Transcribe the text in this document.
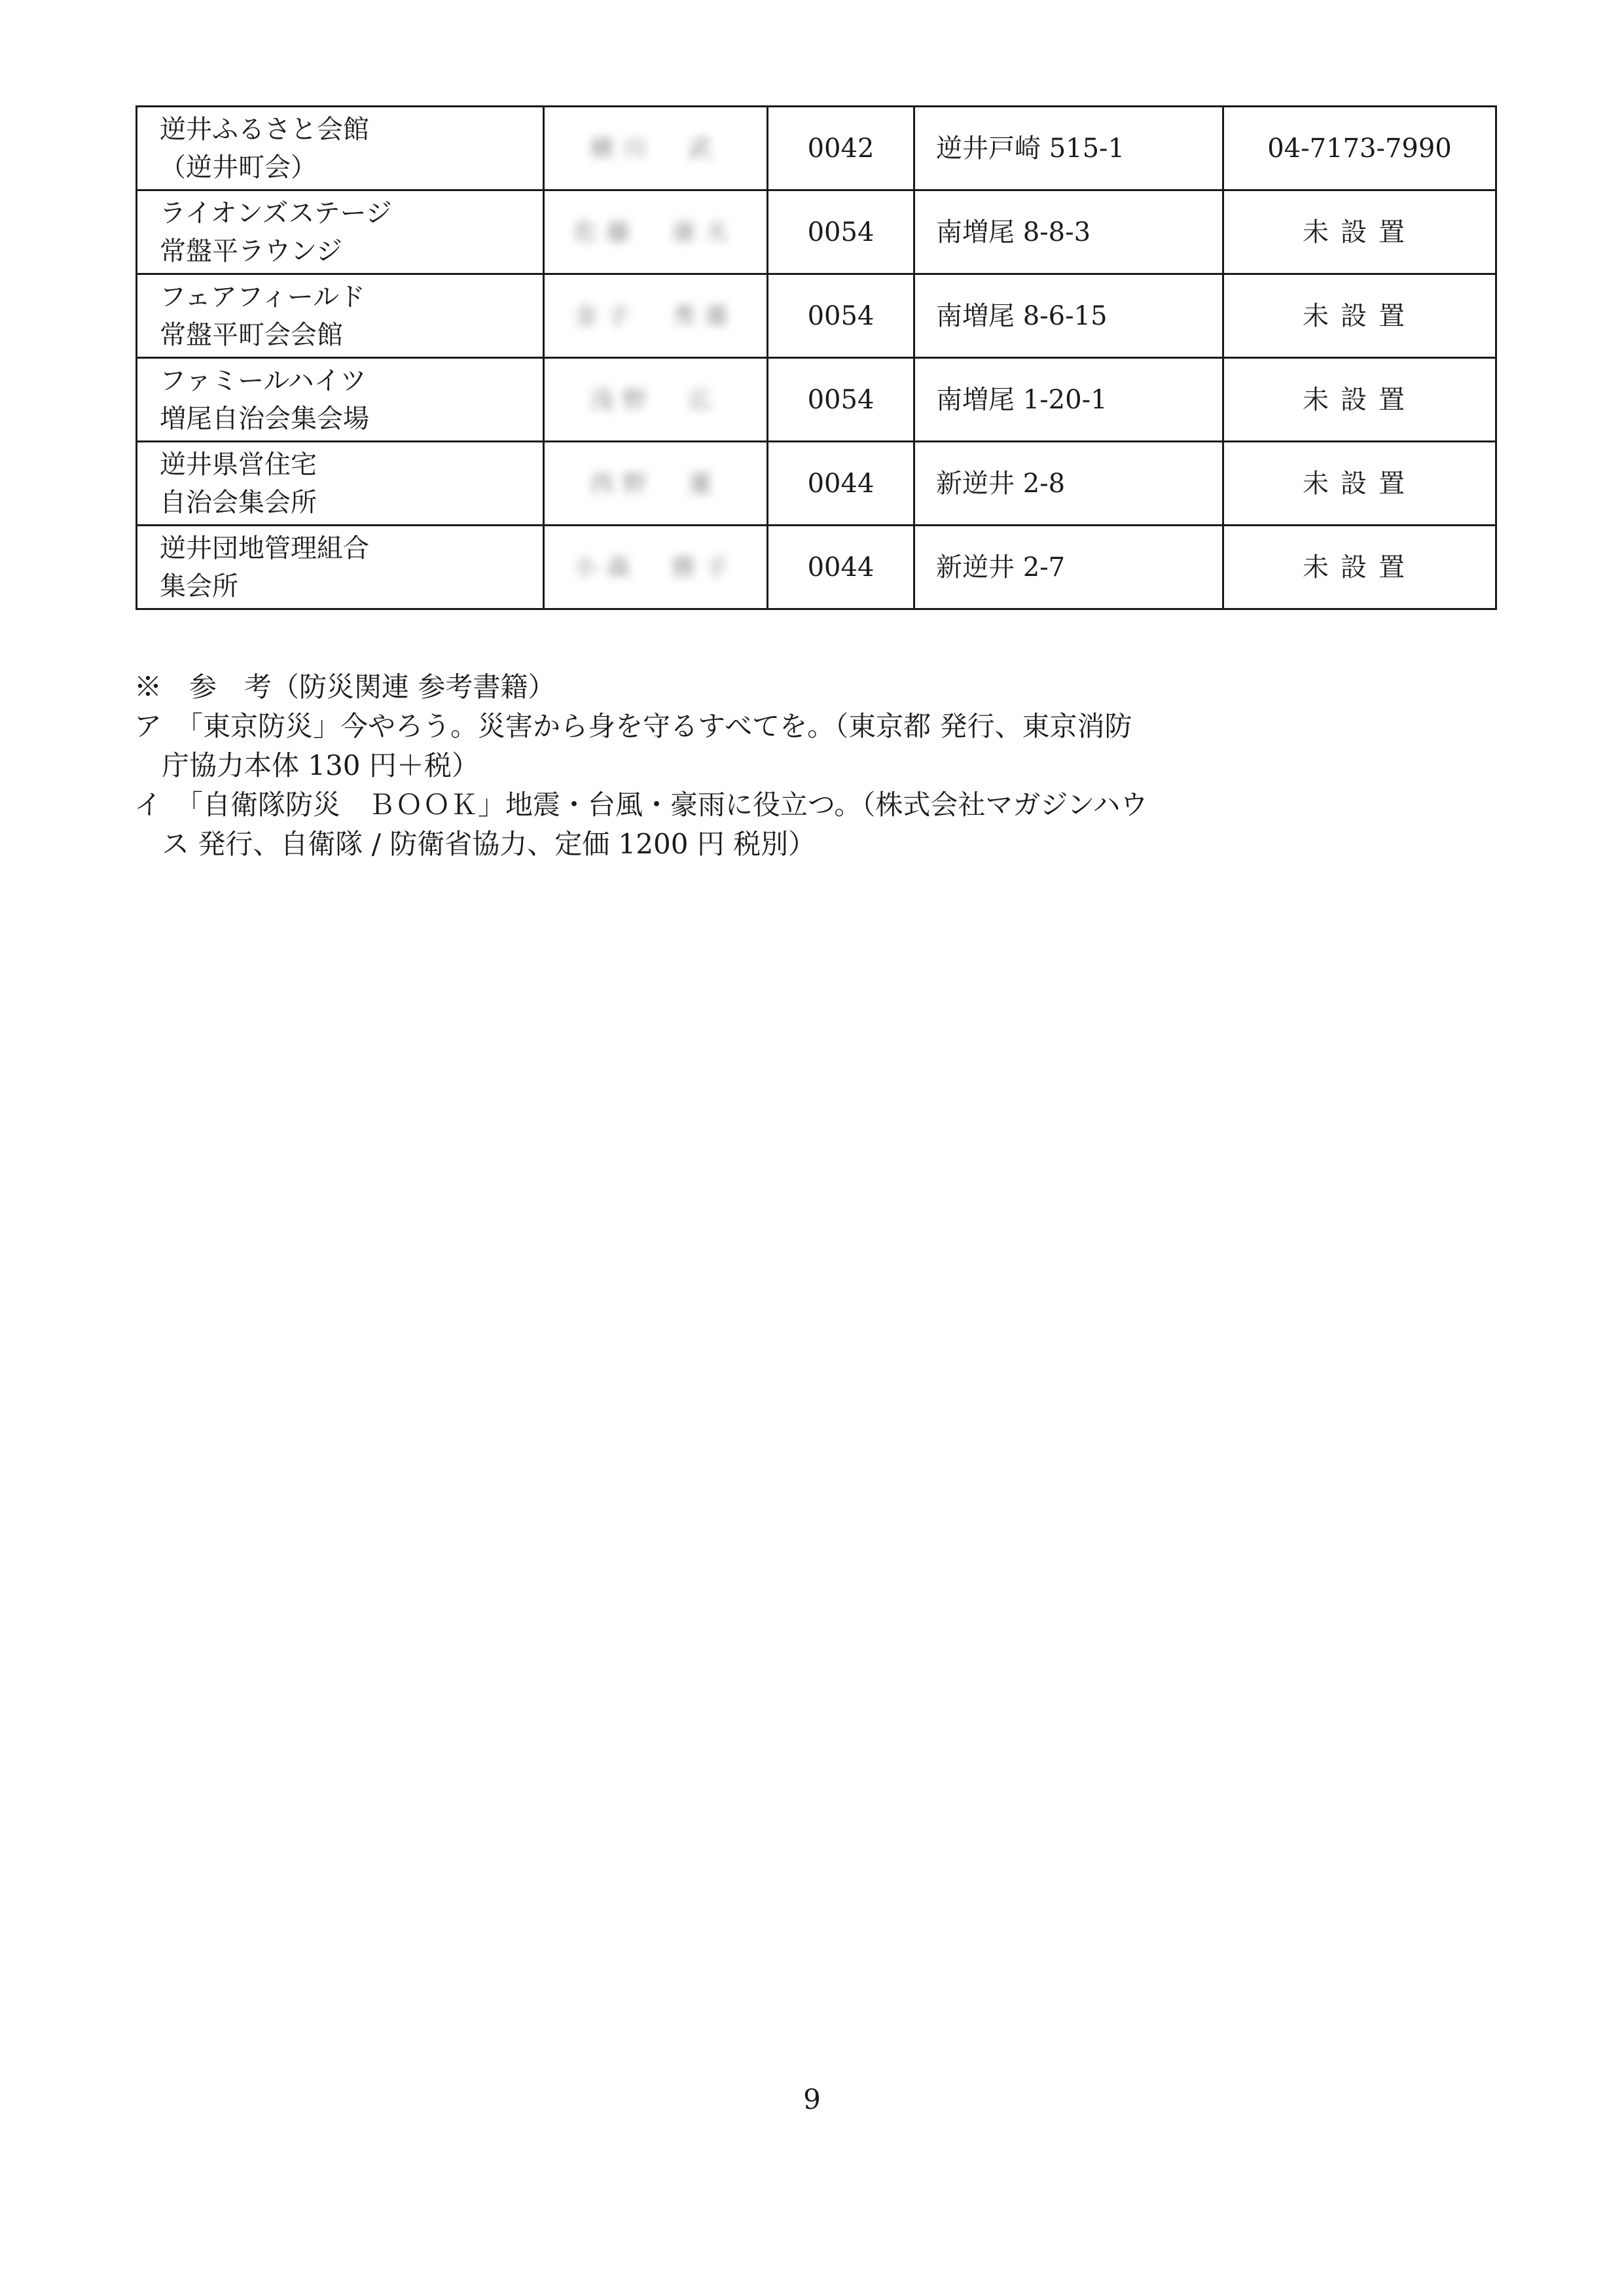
逆井ふるさと会館
（逆井町会）	横川　武	0042	逆井戸崎 515-1	04-7173-7990

ライオンズステージ
常盤平ラウンジ	佐藤　康夫	0054	南増尾 8-8-3	未設置

フェアフィールド
常盤平町会会館	金子　秀雄	0054	南増尾 8-6-15	未設置

ファミールハイツ
増尾自治会集会場	浅野　広	0054	南増尾 1-20-1	未設置

逆井県営住宅
自治会集会所	西野　蓮	0044	新逆井 2-8	未設置

逆井団地管理組合
集会所	小森　勝子	0044	新逆井 2-7	未設置
※　参　考（防災関連 参考書籍）
ア　「東京防災」今やろう。災害から身を守るすべてを。（東京都 発行、東京消防
庁協力本体 130 円＋税）
イ　「自衛隊防災　ＢＯＯＫ」地震・台風・豪雨に役立つ。（株式会社マガジンハウ
ス 発行、自衛隊 / 防衛省協力、定価 1200 円 税別）
9
